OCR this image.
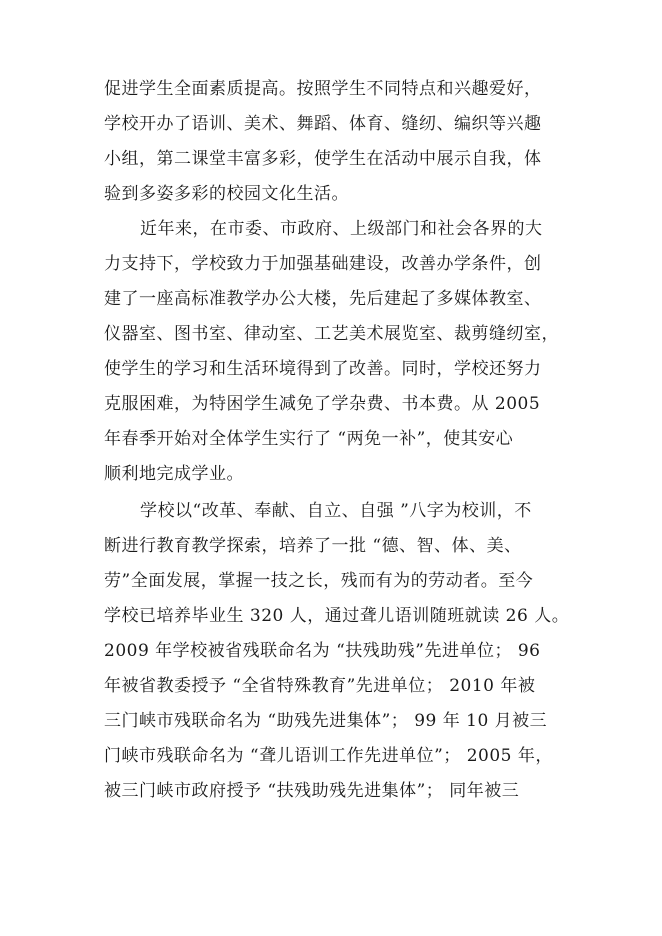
促进学生全面素质提高。按照学生不同特点和兴趣爱好，
学校开办了语训、美术、舞蹈、体育、缝纫、编织等兴趣
小组，第二课堂丰富多彩，使学生在活动中展示自我，体
验到多姿多彩的校园文化生活。
近年来，在市委、市政府、上级部门和社会各界的大
力支持下，学校致力于加强基础建设，改善办学条件，创
建了一座高标准教学办公大楼，先后建起了多媒体教室、
仪器室、图书室、律动室、工艺美术展览室、裁剪缝纫室，
使学生的学习和生活环境得到了改善。同时，学校还努力
克服困难，为特困学生减免了学杂费、书本费。从 2005
年春季开始对全体学生实行了 “两免一补”，使其安心
顺利地完成学业。
学校以“改革、奉献、自立、自强 ”八字为校训，不
断进行教育教学探索，培养了一批 “德、智、体、美、
劳”全面发展，掌握一技之长，残而有为的劳动者。至今
学校已培养毕业生 320 人，通过聋儿语训随班就读 26 人。
2009 年学校被省残联命名为 “扶残助残”先进单位； 96
年被省教委授予 “全省特殊教育”先进单位； 2010 年被
三门峡市残联命名为 “助残先进集体”； 99 年 10 月被三
门峡市残联命名为 “聋儿语训工作先进单位”； 2005 年，
被三门峡市政府授予 “扶残助残先进集体”； 同年被三
